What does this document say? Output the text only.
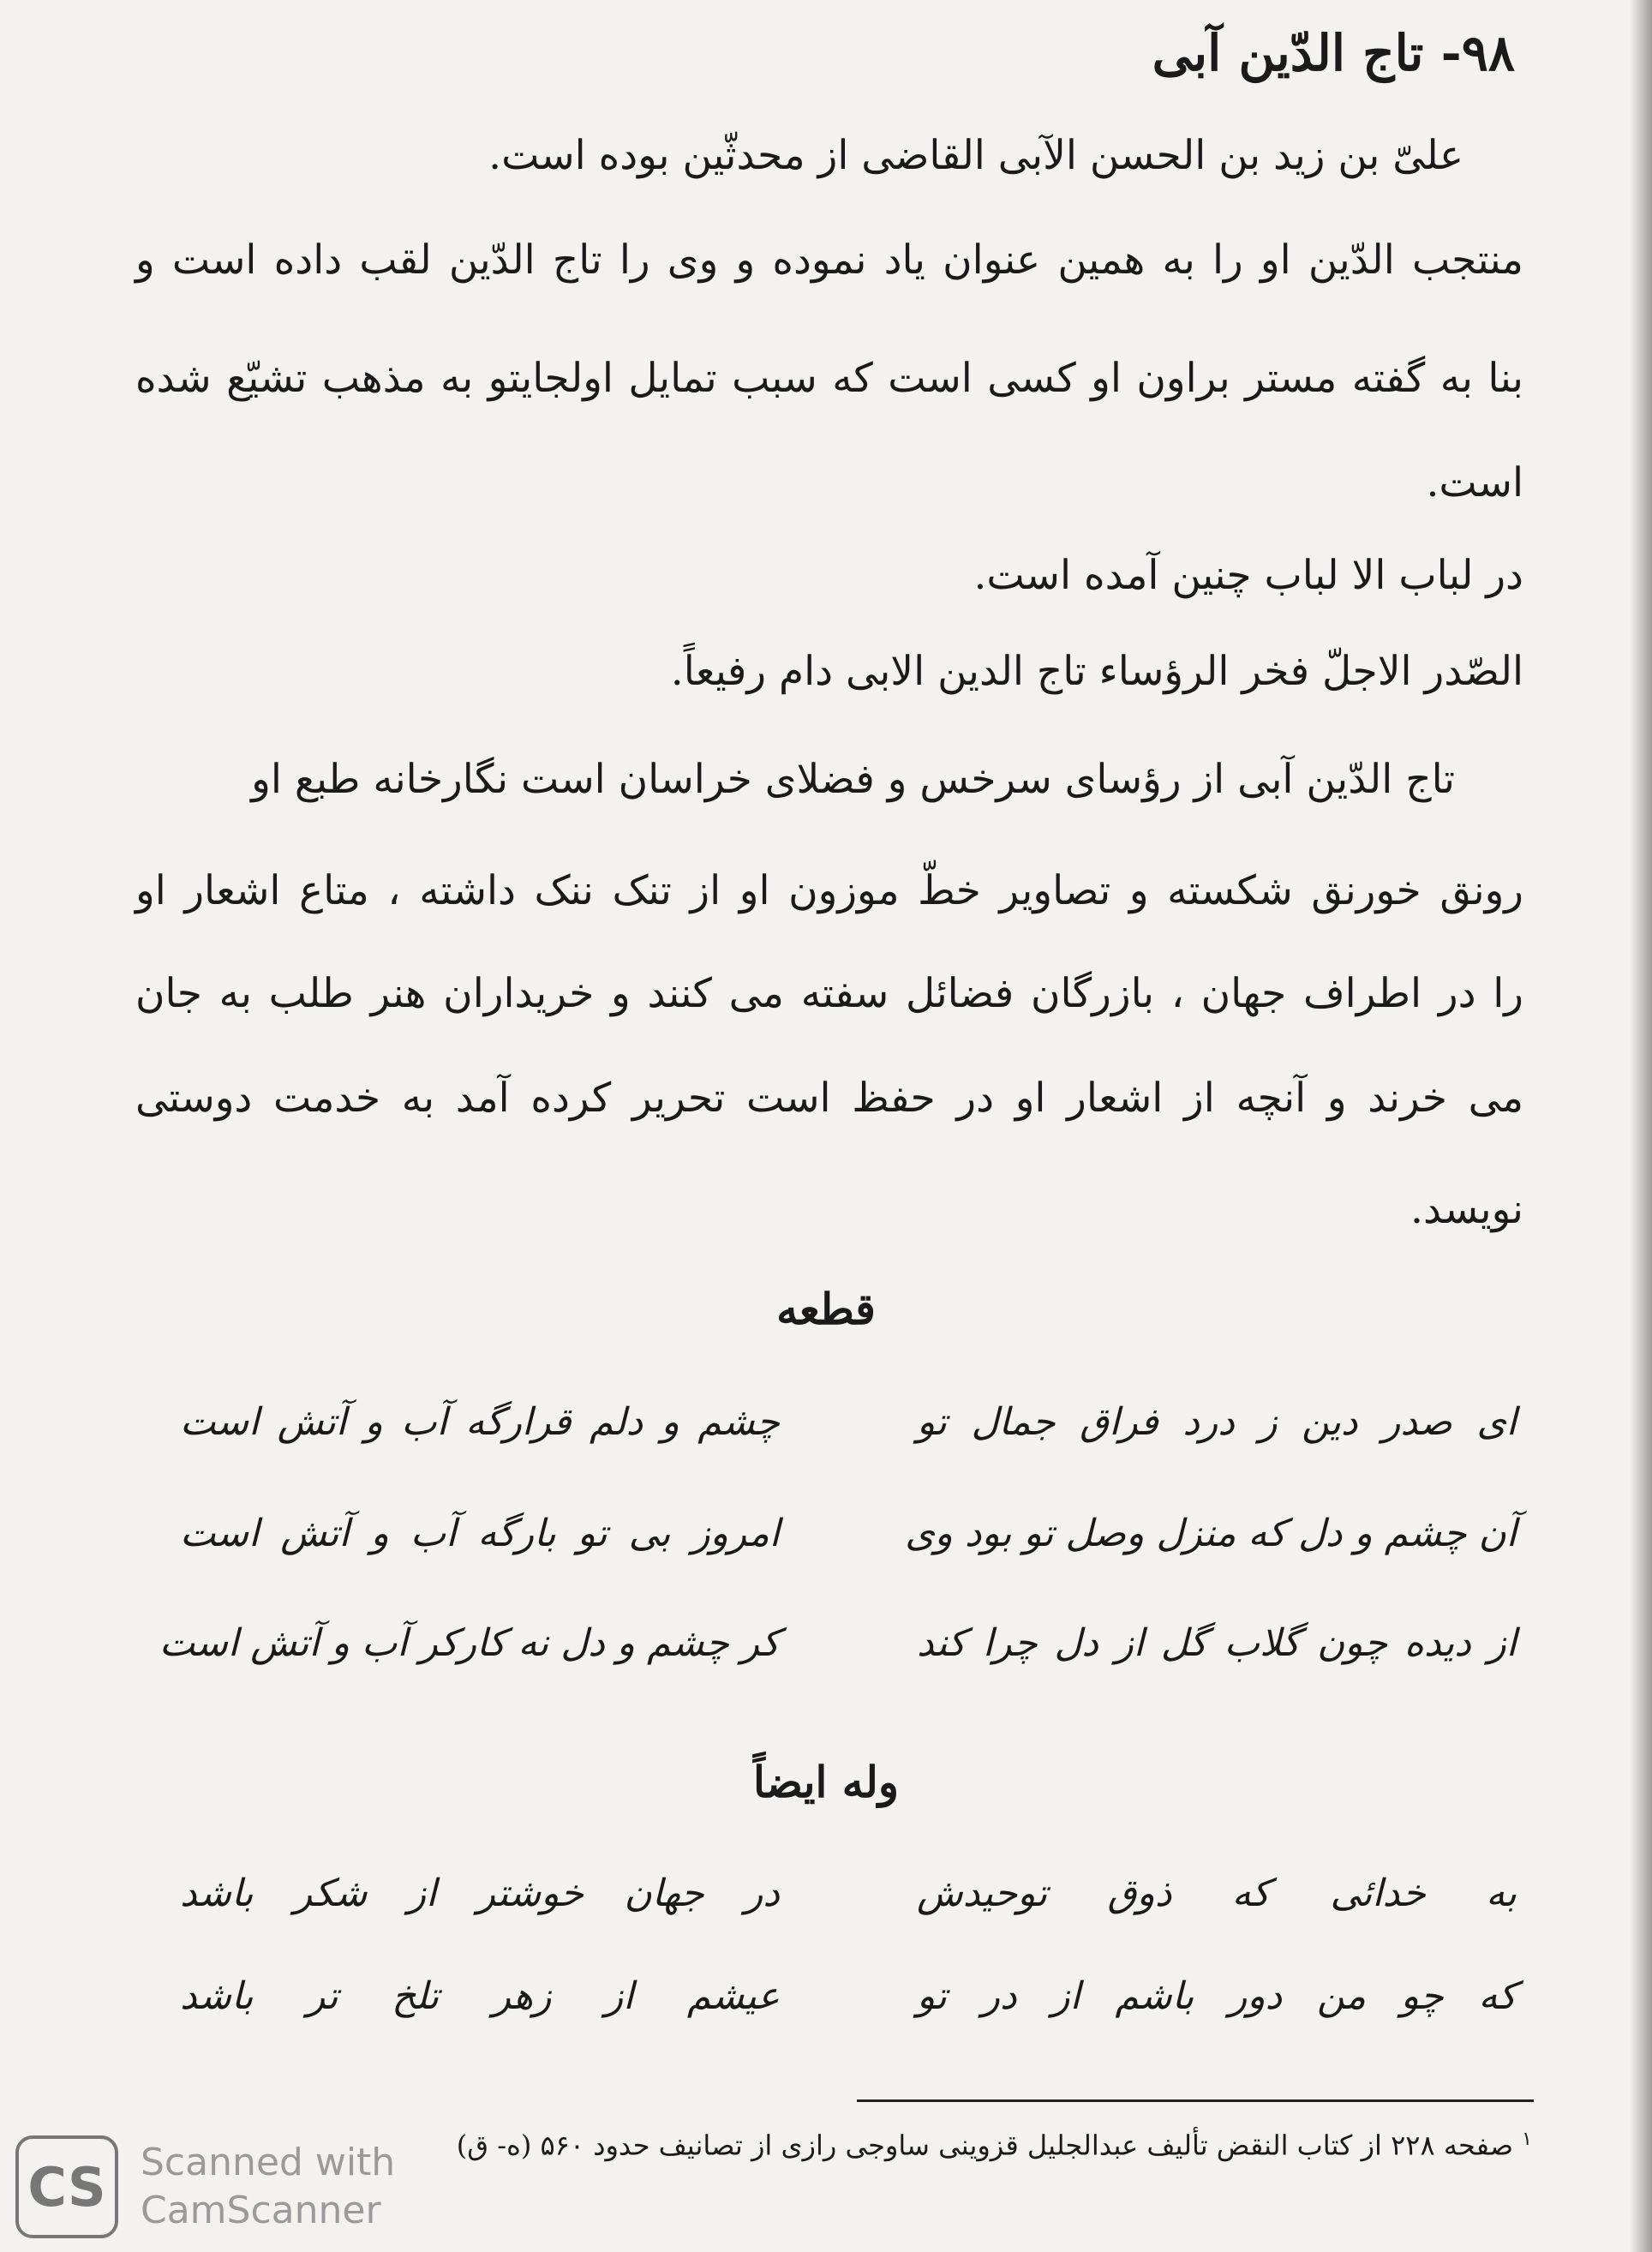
۹۸- تاج الدّین آبی
علیّ بن زید بن الحسن الآبی القاضی از محدثّین بوده است.
منتجب الدّین او را به همین عنوان یاد نموده و وی را تاج الدّین لقب داده است و
بنا به گفته مستر براون او کسی است که سبب تمایل اولجایتو به مذهب تشیّع شده
است.
در لباب الا لباب چنین آمده است.
الصّدر الاجلّ فخر الرؤساء تاج الدین الابی دام رفیعاً.
تاج الدّین آبی از رؤسای سرخس و فضلای خراسان است نگارخانه طبع او
رونق خورنق شکسته و تصاویر خطّ موزون او از تنک ننک داشته ، متاع اشعار او
را در اطراف جهان ، بازرگان فضائل سفته می کنند و خریداران هنر طلب به جان
می خرند و آنچه از اشعار او در حفظ است تحریر کرده آمد به خدمت دوستی
نویسد.
قطعه
ای صدر دین ز درد فراق جمال تو
چشم و دلم قرارگه آب و آتش است
آن چشم و دل که منزل وصل تو بود وی
امروز بی تو بارگه آب و آتش است
از دیده چون گلاب گل از دل چرا کند
کر چشم و دل نه کارکر آب و آتش است
وله ایضاً
به خدائی که ذوق توحیدش
در جهان خوشتر از شکر باشد
که چو من دور باشم از در تو
عیشم از زهر تلخ تر باشد
$^۱$ صفحه ۲۲۸ از کتاب النقض تألیف عبدالجلیل قزوینی ساوجی رازی از تصانیف حدود ۵۶۰ (ه- ق)
CS Scanned with
CamScanner
